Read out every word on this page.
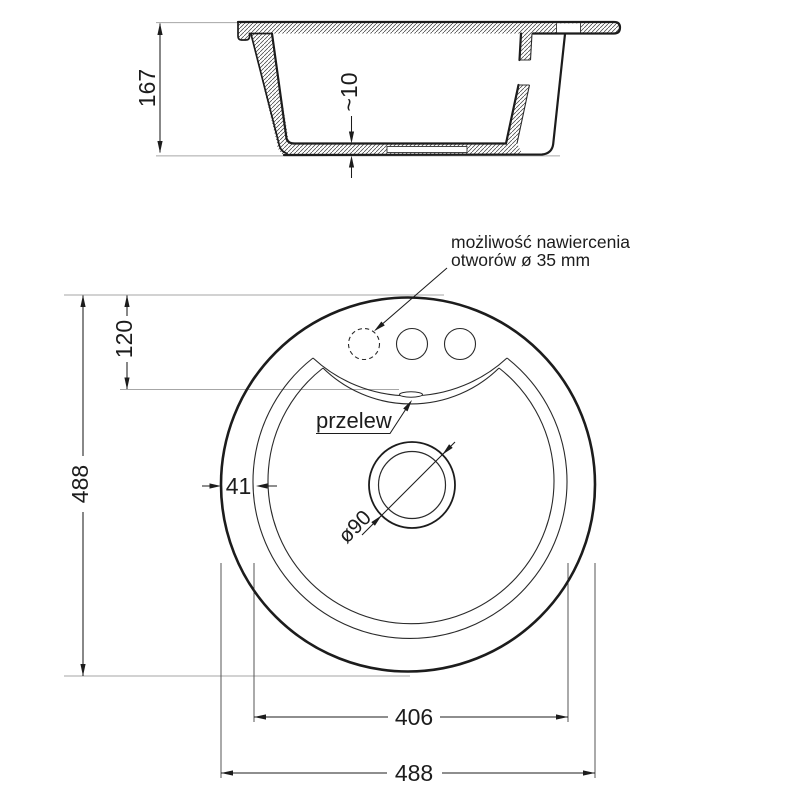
167	~10
488
120
41
ø90
406
488
przelew
możliwość nawiercenia
otworów ø 35 mm
